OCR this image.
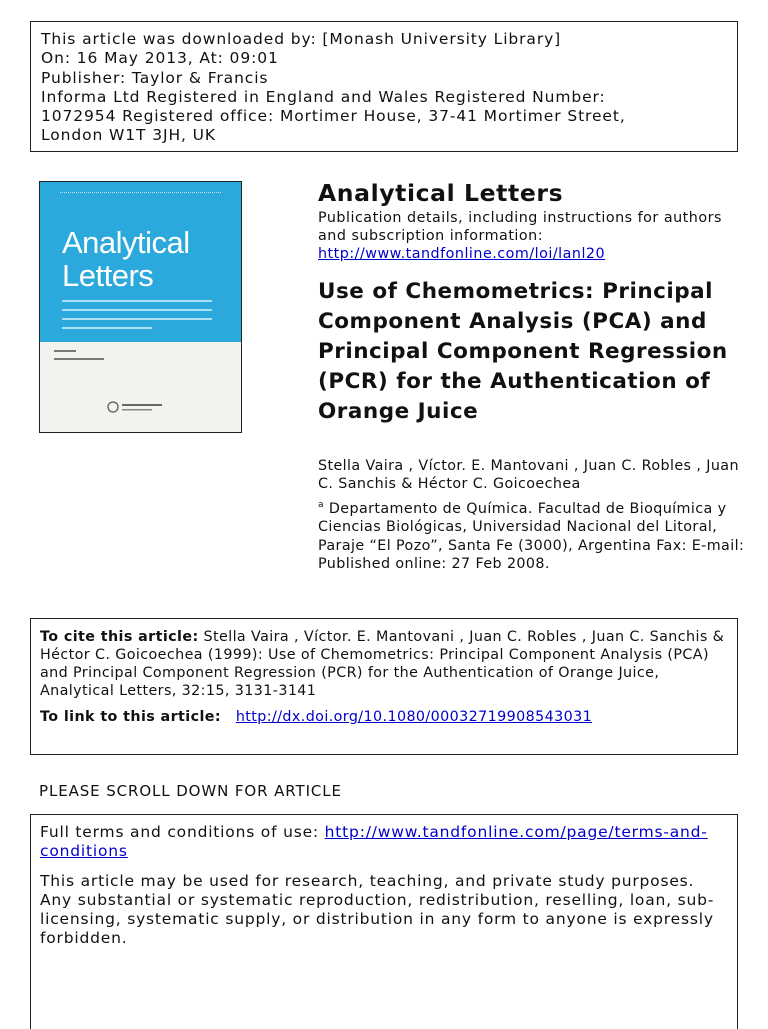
This article was downloaded by: [Monash University Library]
On: 16 May 2013, At: 09:01
Publisher: Taylor & Francis
Informa Ltd Registered in England and Wales Registered Number:
1072954 Registered office: Mortimer House, 37-41 Mortimer Street,
London W1T 3JH, UK
Analytical
Letters
Analytical Letters
Publication details, including instructions for authors and subscription information:
http://www.tandfonline.com/loi/lanl20
Use of Chemometrics: Principal Component Analysis (PCA) and Principal Component Regression (PCR) for the Authentication of Orange Juice
Stella Vaira , Víctor. E. Mantovani , Juan C. Robles , Juan C. Sanchis & Héctor C. Goicoechea
$^a$ Departamento de Química. Facultad de Bioquímica y Ciencias Biológicas, Universidad Nacional del Litoral, Paraje “El Pozo”, Santa Fe (3000), Argentina Fax: E-mail:
Published online: 27 Feb 2008.
To cite this article: Stella Vaira , Víctor. E. Mantovani , Juan C. Robles , Juan C. Sanchis & Héctor C. Goicoechea (1999): Use of Chemometrics: Principal Component Analysis (PCA) and Principal Component Regression (PCR) for the Authentication of Orange Juice, Analytical Letters, 32:15, 3131-3141
To link to this article: http://dx.doi.org/10.1080/00032719908543031
PLEASE SCROLL DOWN FOR ARTICLE
Full terms and conditions of use: http://www.tandfonline.com/page/terms-and-conditions
This article may be used for research, teaching, and private study purposes. Any substantial or systematic reproduction, redistribution, reselling, loan, sub-licensing, systematic supply, or distribution in any form to anyone is expressly forbidden.
